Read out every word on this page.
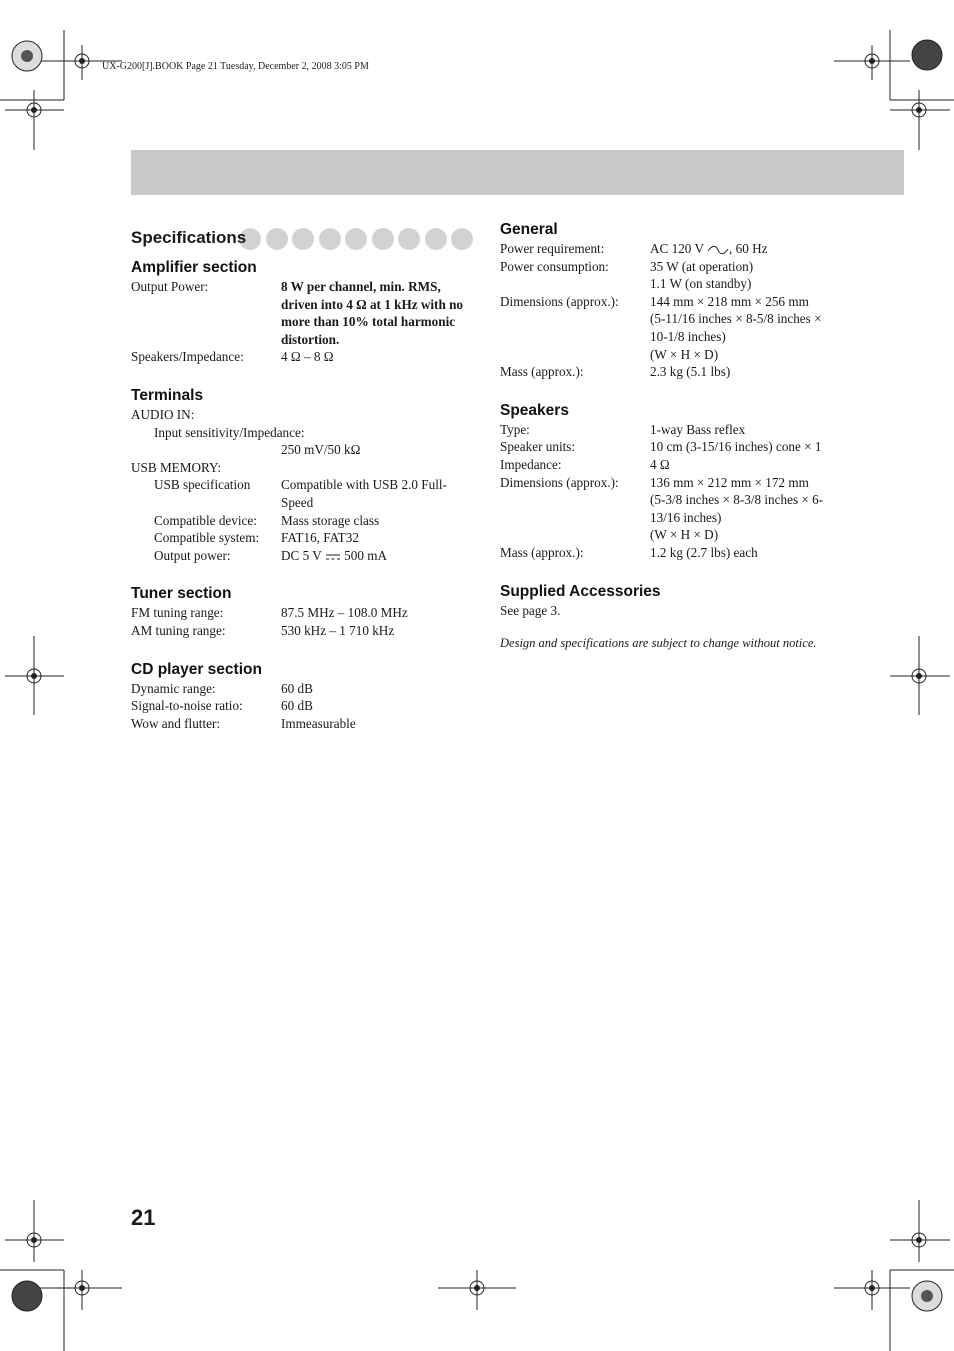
UX-G200[J].BOOK Page 21 Tuesday, December 2, 2008 3:05 PM
Specifications
Amplifier section
Output Power:	8 W per channel, min. RMS,
driven into 4 Ω at 1 kHz with no
more than 10% total harmonic
distortion.
Speakers/Impedance:	4 Ω – 8 Ω
Terminals
AUDIO IN:
Input sensitivity/Impedance:
250 mV/50 kΩ
USB MEMORY:
USB specification	Compatible with USB 2.0 Full-
Speed
Compatible device:	Mass storage class
Compatible system:	FAT16, FAT32
Output power:	DC 5 V 500 mA
Tuner section
FM tuning range:	87.5 MHz – 108.0 MHz
AM tuning range:	530 kHz – 1 710 kHz
CD player section
Dynamic range:	60 dB
Signal-to-noise ratio:	60 dB
Wow and flutter:	Immeasurable
General
Power requirement:	AC 120 V , 60 Hz
Power consumption:	35 W (at operation)
1.1 W (on standby)
Dimensions (approx.):	144 mm × 218 mm × 256 mm
(5-11/16 inches × 8-5/8 inches ×
10-1/8 inches)
(W × H × D)
Mass (approx.):	2.3 kg (5.1 lbs)
Speakers
Type:	1-way Bass reflex
Speaker units:	10 cm (3-15/16 inches) cone × 1
Impedance:	4 Ω
Dimensions (approx.):	136 mm × 212 mm × 172 mm
(5-3/8 inches × 8-3/8 inches × 6-
13/16 inches)
(W × H × D)
Mass (approx.):	1.2 kg (2.7 lbs) each
Supplied Accessories
See page 3.
Design and specifications are subject to change without notice.
21
